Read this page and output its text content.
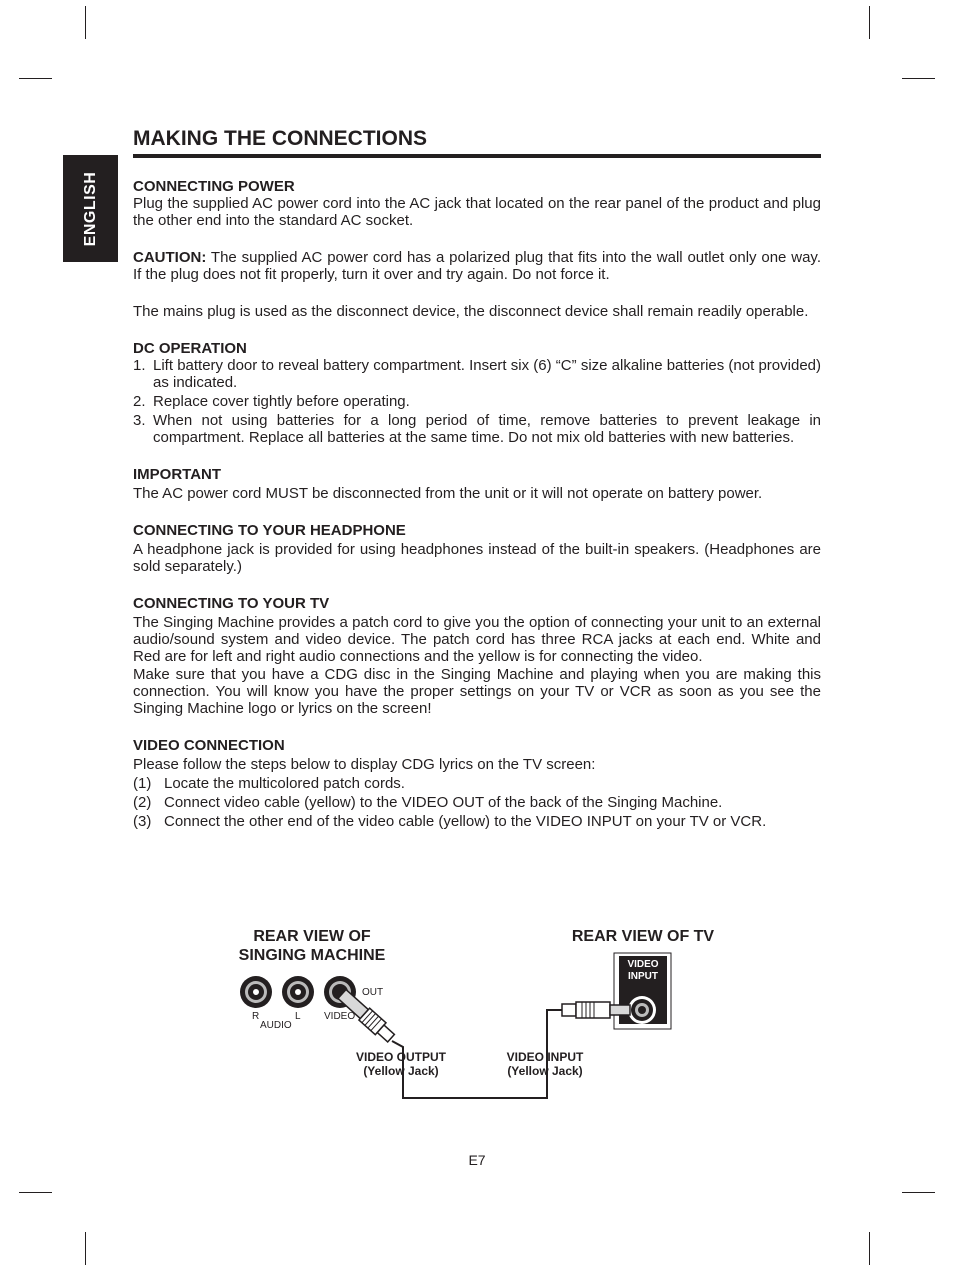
ENGLISH
MAKING THE CONNECTIONS
CONNECTING POWER

Plug the supplied AC power cord into the AC jack that located on the rear panel of the product and plug the other end into the standard AC socket.

CAUTION: The supplied AC power cord has a polarized plug that fits into the wall outlet only one way. If the plug does not fit properly, turn it over and try again. Do not force it.

The mains plug is used as the disconnect device, the disconnect device shall remain readily operable.

DC OPERATION
1. Lift battery door to reveal battery compartment. Insert six (6) “C” size alkaline batteries (not provided) as indicated.
2. Replace cover tightly before operating.
3. When not using batteries for a long period of time, remove batteries to prevent leakage in compartment. Replace all batteries at the same time. Do not mix old batteries with new batteries.
IMPORTANT

The AC power cord MUST be disconnected from the unit or it will not operate on battery power.

CONNECTING TO YOUR HEADPHONE

A headphone jack is provided for using headphones instead of the built-in speakers. (Headphones are sold separately.)

CONNECTING TO YOUR TV

The Singing Machine provides a patch cord to give you the option of connecting your unit to an external audio/sound system and video device. The patch cord has three RCA jacks at each end. White and Red are for left and right audio connections and the yellow is for connecting the video.

Make sure that you have a CDG disc in the Singing Machine and playing when you are making this connection. You will know you have the proper settings on your TV or VCR as soon as you see the Singing Machine logo or lyrics on the screen!

VIDEO CONNECTION

Please follow the steps below to display CDG lyrics on the TV screen:

(1) Locate the multicolored patch cords.
(2) Connect video cable (yellow) to the VIDEO OUT of the back of the Singing Machine.
(3) Connect the other end of the video cable (yellow) to the VIDEO INPUT on your TV or VCR.
REAR VIEW OF
SINGING MACHINE
REAR VIEW OF TV
OUT
R	L
AUDIO
VIDEO
VIDEO
INPUT
VIDEO OUTPUT
(Yellow Jack)
VIDEO INPUT
(Yellow Jack)
E7
